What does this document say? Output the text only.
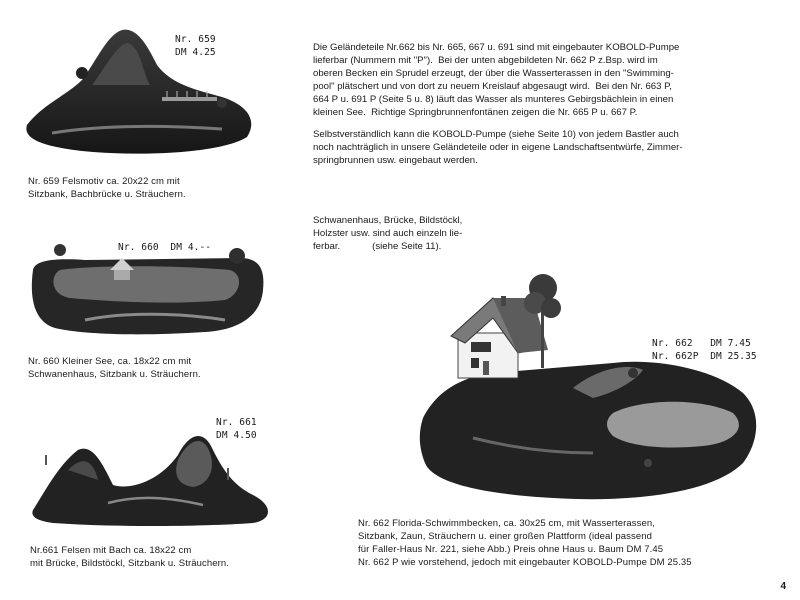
Nr. 659
DM 4.25
Nr. 659 Felsmotiv ca. 20x22 cm mit
Sitzbank, Bachbrücke u. Sträuchern.
Nr. 660  DM 4.--
Nr. 660 Kleiner See, ca. 18x22 cm mit
Schwanenhaus, Sitzbank u. Sträuchern.
Nr. 661
DM 4.50
Nr.661 Felsen mit Bach ca. 18x22 cm
mit Brücke, Bildstöckl, Sitzbank u. Sträuchern.
Die Geländeteile Nr.662 bis Nr. 665, 667 u. 691 sind mit eingebauter KOBOLD-Pumpe
lieferbar (Nummern mit "P").  Bei der unten abgebildeten Nr. 662 P z.Bsp. wird im
oberen Becken ein Sprudel erzeugt, der über die Wasserterassen in den "Swimming-
pool" plätschert und von dort zu neuem Kreislauf abgesaugt wird.  Bei den Nr. 663 P,
664 P u. 691 P (Seite 5 u. 8) läuft das Wasser als munteres Gebirgsbächlein in einen
kleinen See.  Richtige Springbrunnenfontänen zeigen die Nr. 665 P u. 667 P.
Selbstverständlich kann die KOBOLD-Pumpe (siehe Seite 10) von jedem Bastler auch
noch nachträglich in unsere Geländeteile oder in eigene Landschaftsentwürfe, Zimmer-
springbrunnen usw. eingebaut werden.
Schwanenhaus, Brücke, Bildstöckl,
Holzster usw. sind auch einzeln lie-
ferbar.            (siehe Seite 11).
Nr. 662   DM 7.45
Nr. 662P  DM 25.35
Nr. 662 Florida-Schwimmbecken, ca. 30x25 cm, mit Wasserterassen,
Sitzbank, Zaun, Sträuchern u. einer großen Plattform (ideal passend
für Faller-Haus Nr. 221, siehe Abb.) Preis ohne Haus u. Baum DM 7.45
Nr. 662 P wie vorstehend, jedoch mit eingebauter KOBOLD-Pumpe DM 25.35
4
